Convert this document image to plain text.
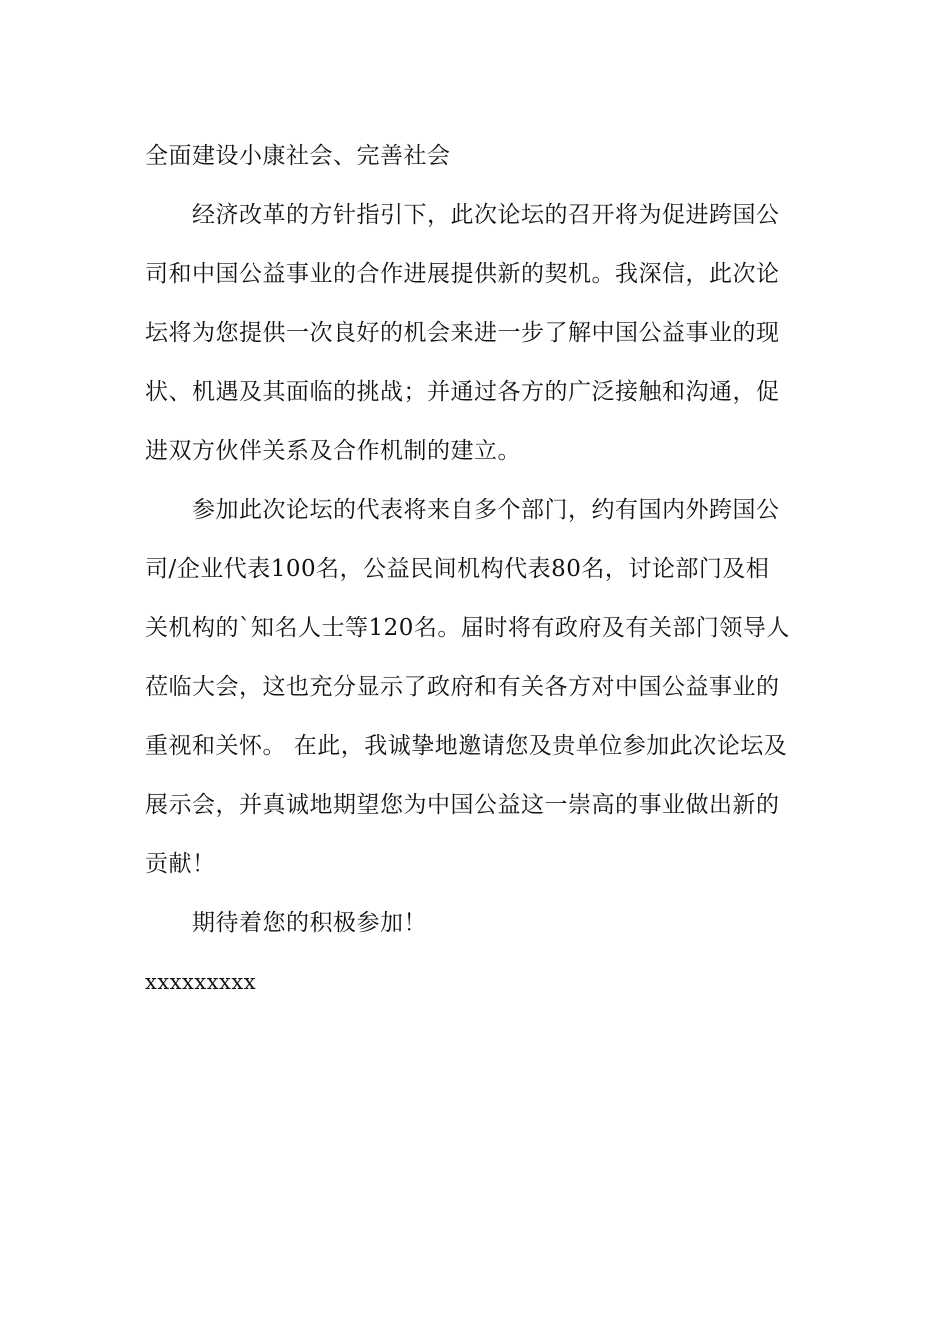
全面建设小康社会、完善社会

经济改革的方针指引下，此次论坛的召开将为促进跨国公
司和中国公益事业的合作进展提供新的契机。我深信，此次论
坛将为您提供一次良好的机会来进一步了解中国公益事业的现
状、机遇及其面临的挑战；并通过各方的广泛接触和沟通，促
进双方伙伴关系及合作机制的建立。

参加此次论坛的代表将来自多个部门，约有国内外跨国公
司/企业代表100名，公益民间机构代表80名，讨论部门及相
关机构的`知名人士等120名。届时将有政府及有关部门领导人
莅临大会，这也充分显示了政府和有关各方对中国公益事业的
重视和关怀。 在此，我诚挚地邀请您及贵单位参加此次论坛及
展示会，并真诚地期望您为中国公益这一崇高的事业做出新的
贡献！

期待着您的积极参加！

xxxxxxxxx
